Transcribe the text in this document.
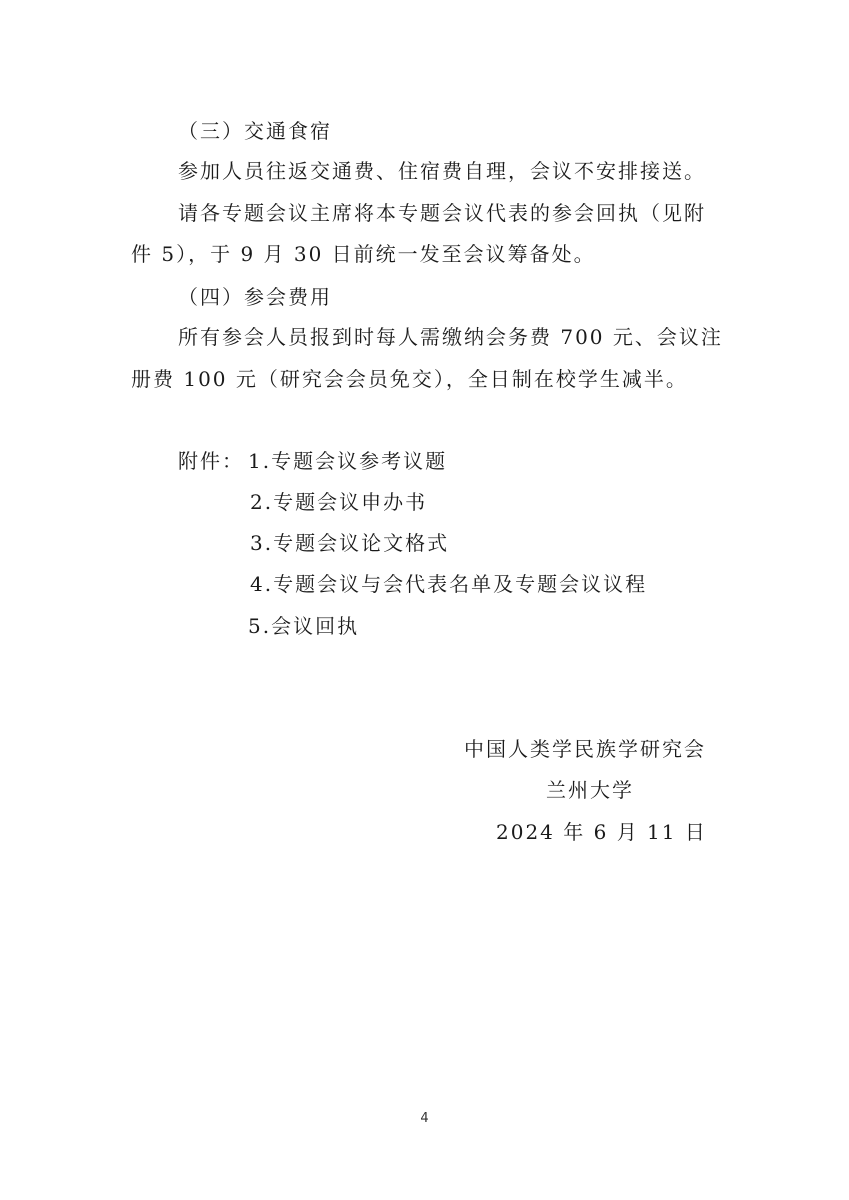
（三）交通食宿
参加人员往返交通费、住宿费自理，会议不安排接送。
请各专题会议主席将本专题会议代表的参会回执（见附
件 5），于 9 月 30 日前统一发至会议筹备处。
（四）参会费用
所有参会人员报到时每人需缴纳会务费 700 元、会议注
册费 100 元（研究会会员免交），全日制在校学生减半。
附件： 1.专题会议参考议题
2.专题会议申办书
3.专题会议论文格式
4.专题会议与会代表名单及专题会议议程
5.会议回执
中国人类学民族学研究会
兰州大学
2024 年 6 月 11 日
4
